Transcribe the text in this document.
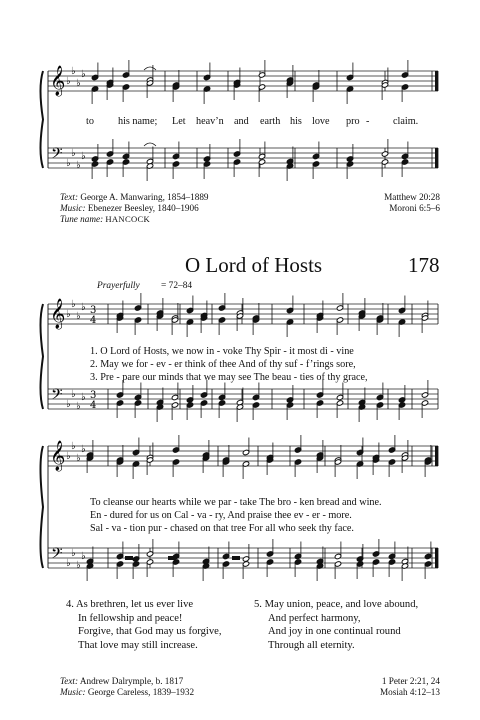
𝄞
𝄢
♭
♭
♭
♭
♭
♭
♭
♭
𝄞
𝄢
♭
♭
♭
♭
♭
♭
♭
♭
3
4
3
4
𝄞
𝄢
♭
♭
♭
♭
♭
♭
♭
♭
to his name; Let heav’n and earth his love pro - claim.
Text: George A. Manwaring, 1854–1889
Music: Ebenezer Beesley, 1840–1906
Tune name: HANCOCK
Matthew 20:28
Moroni 6:5–6
O Lord of Hosts	178
Prayerfully = 72–84
1. O Lord of Hosts, we now in - voke Thy Spir - it most di - vine
2. May we for - ev - er think of thee And of thy suf - f’rings sore,
3. Pre - pare our minds that we may see The beau - ties of thy grace,
To cleanse our hearts while we par - take The bro - ken bread and wine.
En - dured for us on Cal - va - ry, And praise thee ev - er - more.
Sal - va - tion pur - chased on that tree For all who seek thy face.
4. As brethren, let us ever live
In fellowship and peace!
Forgive, that God may us forgive,
That love may still increase.
5. May union, peace, and love abound,
And perfect harmony,
And joy in one continual round
Through all eternity.
Text: Andrew Dalrymple, b. 1817
Music: George Careless, 1839–1932
1 Peter 2:21, 24
Mosiah 4:12–13
